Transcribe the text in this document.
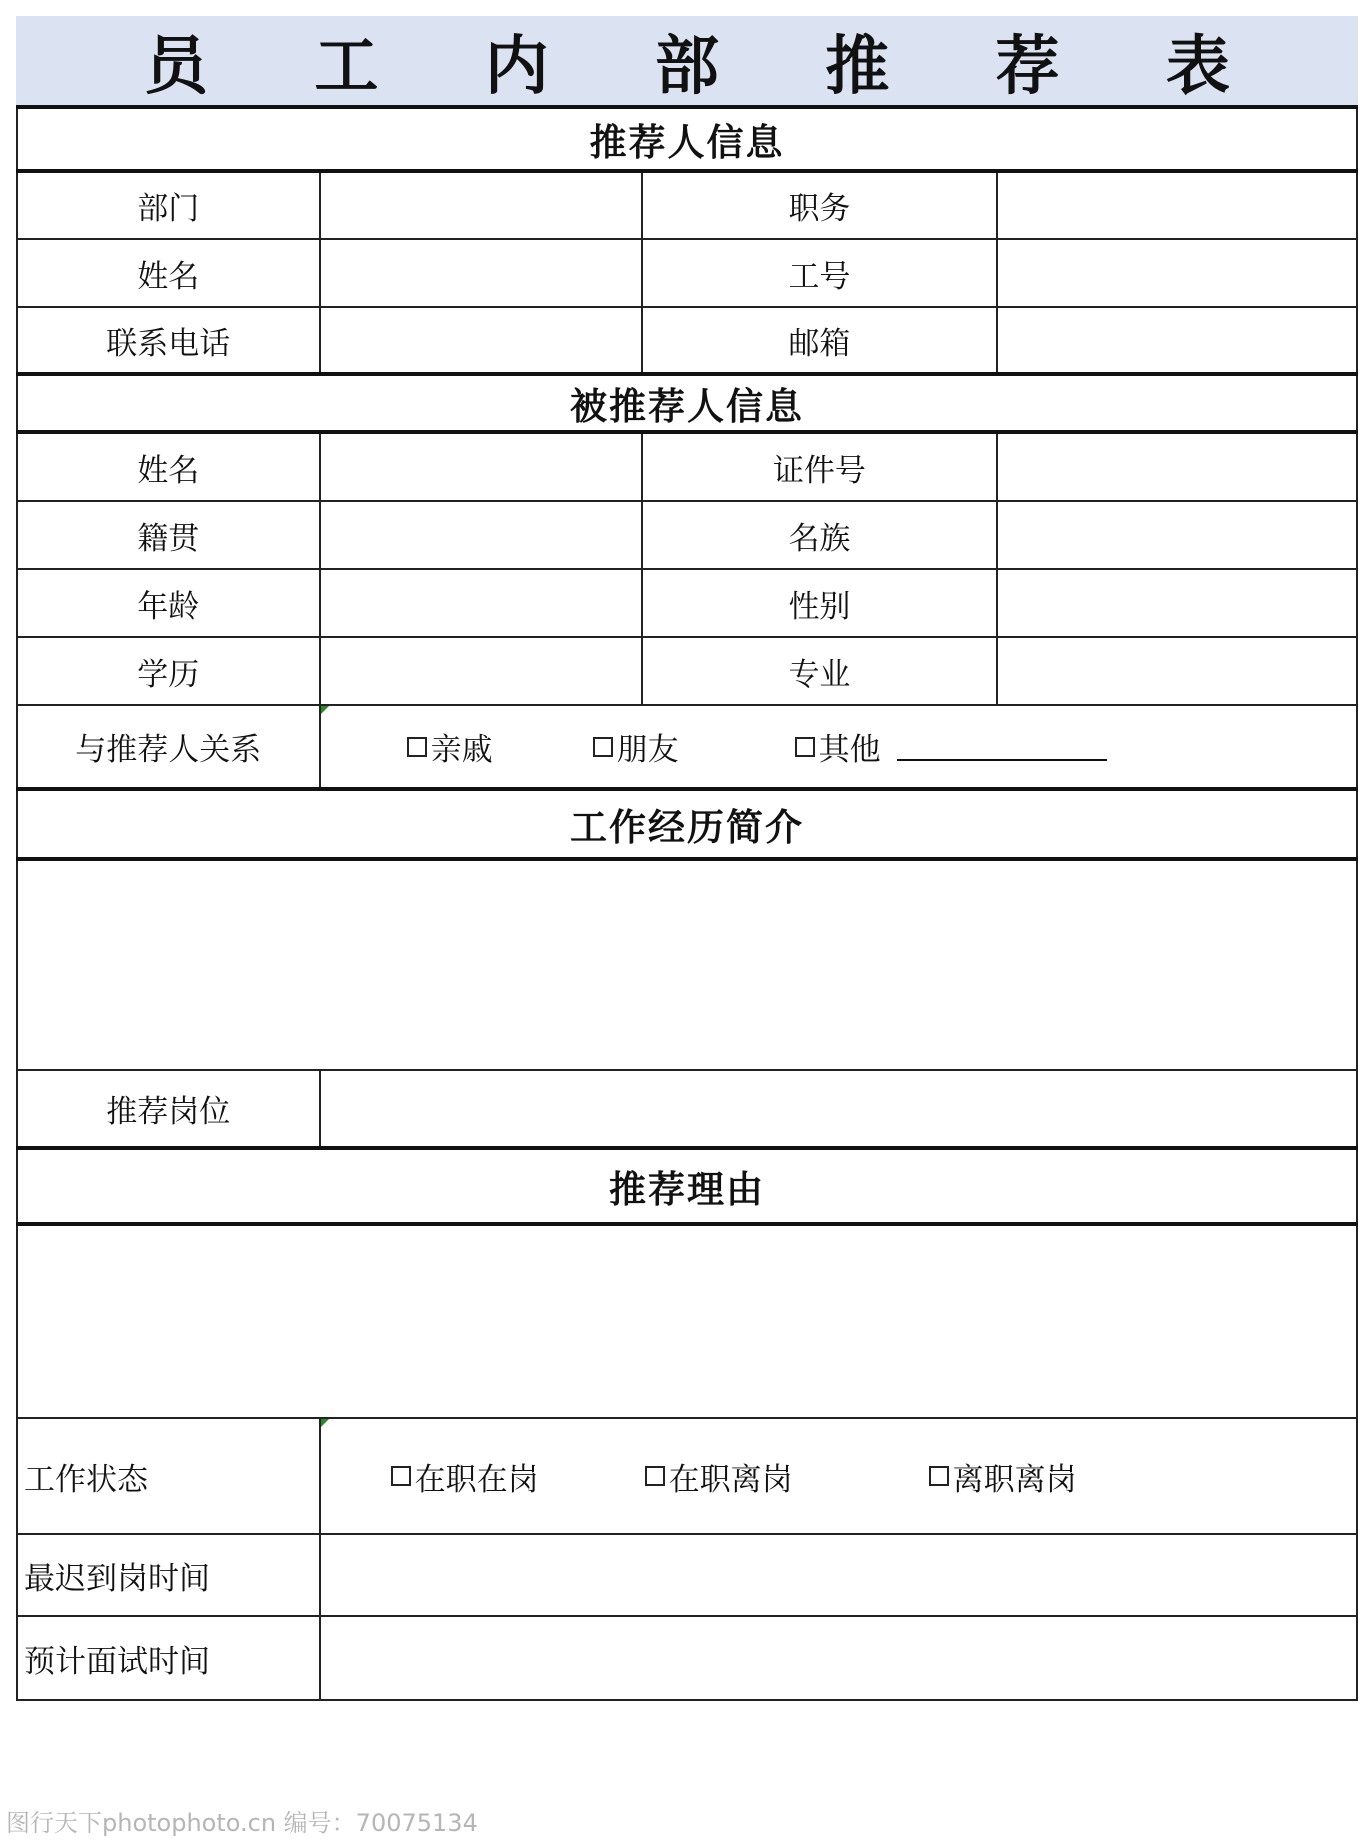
员 工 内 部 推 荐 表
推荐人信息			
部门		职务	
姓名		工号	
联系电话		邮箱	
被推荐人信息			
姓名		证件号	
籍贯		名族	
年龄		性别	
学历		专业	
与推荐人关系	亲戚 朋友 其他		

工作经历简介			

推荐岗位			
推荐理由			

工作状态	在职在岗 在职离岗 离职离岗		

最迟到岗时间			
预计面试时间			
图行天下photophoto.cn 编号：70075134
